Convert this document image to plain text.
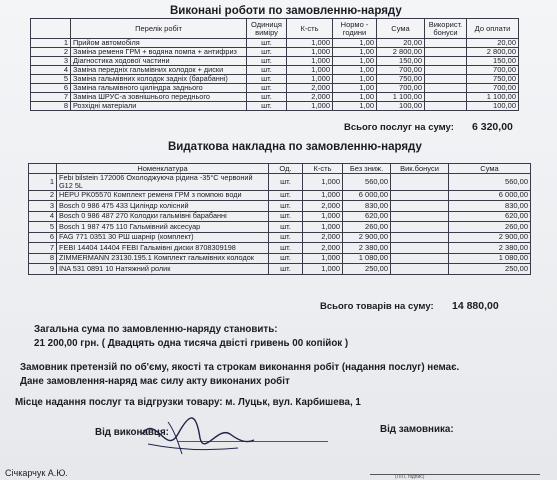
Виконані роботи по замовленню-наряду
	Перелік робіт	Одиниця виміру	К-сть	Нормо - години	Сума	Використ. бонуси	До оплати
1	Прийом автомобіля	шт.	1,000	1,00	20,00		20,00
2	Заміна ременя ГРМ + водяна помпа + антифриз	шт.	1,000	1,00	2 800,00		2 800,00
3	Діагностика ходової частини	шт.	1,000	1,00	150,00		150,00
4	Заміна передніх гальмівних колодок + диски	шт.	1,000	1,00	700,00		700,00
5	Заміна гальмівних колодок задніх (барабанні)	шт.	1,000	1,00	750,00		750,00
6	Заміна гальмівного циліндра заднього	шт.	2,000	1,00	700,00		700,00
7	Заміна ШРУС-а зовнішнього переднього	шт.	2,000	1,00	1 100,00		1 100,00
8	Розхідні матеріали	шт.	1,000	1,00	100,00		100,00
Всього послуг на суму: 6 320,00
Видаткова накладна по замовленню-наряду
	Номенклатура	Од.	К-сть	Без зниж.	Вик.бонуси	Сума
1	Febi bilstein 172006 Охолоджуюча рідина -35°C червоний G12 5L	шт.	1,000	560,00		560,00
2	HEPU PK05570 Комплект ременя ГРМ з помпою води	шт.	1,000	6 000,00		6 000,00
3	Bosch 0 986 475 433 Циліндр колісний	шт.	2,000	830,00		830,00
4	Bosch 0 986 487 270 Колодки гальмівні барабанні	шт.	1,000	620,00		620,00
5	Bosch 1 987 475 110 Гальмівний аксесуар	шт.	1,000	260,00		260,00
6	FAG 771 0351 30 РШ шарнір (комплект)	шт.	2,000	2 900,00		2 900,00
7	FEBI 14404 14404 FEBI Гальмівні диски 8708309198	шт.	2,000	2 380,00		2 380,00
8	ZIMMERMANN 23130.195.1 Комплект гальмівних колодок	шт.	1,000	1 080,00		1 080,00
9	INA 531 0891 10 Натяжний ролик	шт.	1,000	250,00		250,00
Всього товарів на суму: 14 880,00
Загальна сума по замовленню-наряду становить:
21 200,00 грн. ( Двадцять одна тисяча двісті гривень 00 копійок )
Замовник претензій по об'єму, якості та строкам виконання робіт (надання послуг) немає.
Дане замовлення-наряд має силу акту виконаних робіт
Місце надання послуг та відгрузки товару: м. Луцьк, вул. Карбишева, 1
Від виконавця:	Від замовника:
Січкарчук А.Ю.	(ПІП, підпис)
